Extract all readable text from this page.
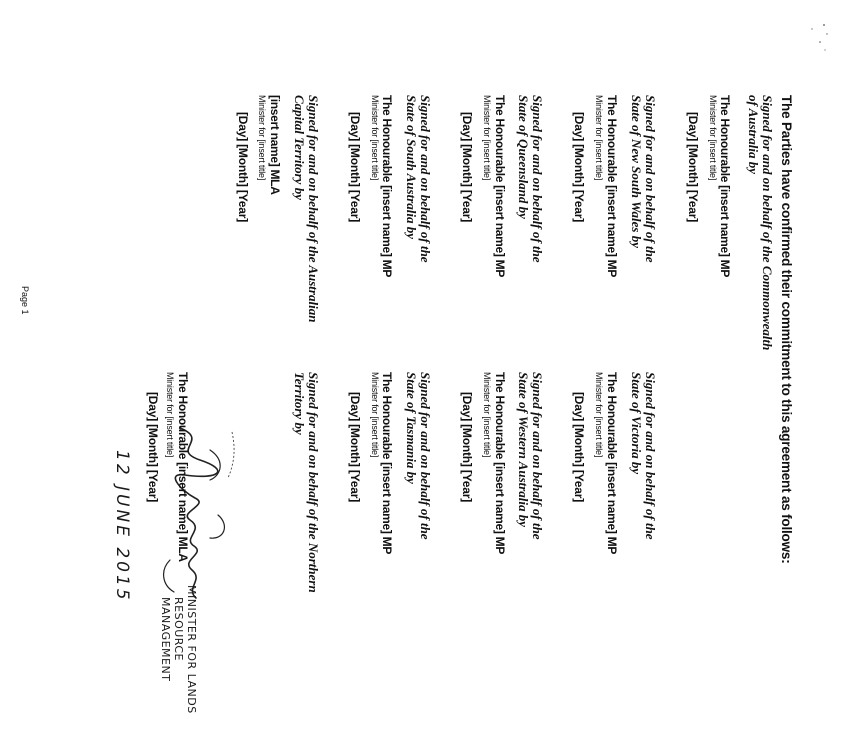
The Parties have confirmed their commitment to this agreement as follows:
Signed for and on behalf of the Commonwealth
of Australia by
The Honourable [insert name] MP
Minister for [insert title]
[Day] [Month] [Year]
Signed for and on behalf of the
State of New South Wales by
The Honourable [insert name] MP
Minister for [insert title]
[Day] [Month] [Year]
Signed for and on behalf of the
State of Queensland by
The Honourable [insert name] MP
Minister for [insert title]
[Day] [Month] [Year]
Signed for and on behalf of the
State of South Australia by
The Honourable [insert name] MP
Minister for [insert title]
[Day] [Month] [Year]
Signed for and on behalf of the Australian
Capital Territory by
[insert name] MLA
Minister for [insert title]
[Day] [Month] [Year]
Signed for and on behalf of the
State of Victoria by
The Honourable [insert name] MP
Minister for [insert title]
[Day] [Month] [Year]
Signed for and on behalf of the
State of Western Australia by
The Honourable [insert name] MP
Minister for [insert title]
[Day] [Month] [Year]
Signed for and on behalf of the
State of Tasmania by
The Honourable [insert name] MP
Minister for [insert title]
[Day] [Month] [Year]
Signed for and on behalf of the Northern
Territory by
The Honourable [insert name] MLA
MINISTER FOR LANDS
RESOURCE MANAGEMENT
Minister for [insert title]
[Day] [Month] [Year]
12 JUNE 2015
Page 1
